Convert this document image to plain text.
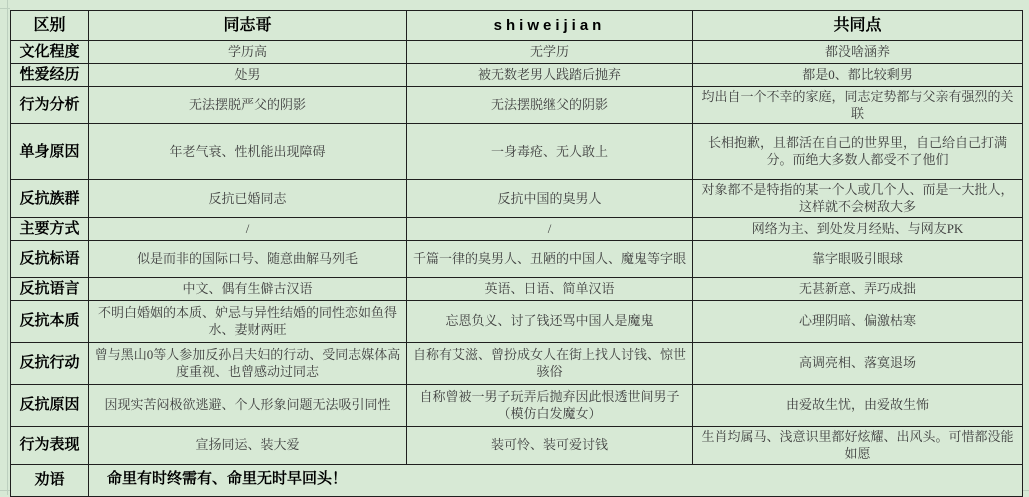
区别	同志哥	shiweijian	共同点
文化程度	学历高	无学历	都没啥涵养
性爱经历	处男	被无数老男人践踏后抛弃	都是0、都比较剩男
行为分析	无法摆脱严父的阴影	无法摆脱继父的阴影	均出自一个不幸的家庭，同志定势都与父亲有强烈的关联
单身原因	年老气衰、性机能出现障碍	一身毒疮、无人敢上	长相抱歉，且都活在自己的世界里，自己给自己打满分。而绝大多数人都受不了他们
反抗族群	反抗已婚同志	反抗中国的臭男人	对象都不是特指的某一个人或几个人、而是一大批人，这样就不会树敌大多
主要方式	/	/	网络为主、到处发月经贴、与网友PK
反抗标语	似是而非的国际口号、随意曲解马列毛	千篇一律的臭男人、丑陋的中国人、魔鬼等字眼	靠字眼吸引眼球
反抗语言	中文、偶有生僻古汉语	英语、日语、简单汉语	无甚新意、弄巧成拙
反抗本质	不明白婚姻的本质、妒忌与异性结婚的同性恋如鱼得水、妻财两旺	忘恩负义、讨了钱还骂中国人是魔鬼	心理阴暗、偏激枯寒
反抗行动	曾与黑山0等人参加反孙吕夫妇的行动、受同志媒体高度重视、也曾感动过同志	自称有艾滋、曾扮成女人在街上找人讨钱、惊世骇俗	高调亮相、落寞退场
反抗原因	因现实苦闷极欲逃避、个人形象问题无法吸引同性	自称曾被一男子玩弄后抛弃因此恨透世间男子（模仿白发魔女）	由爱故生忧，由爱故生怖
行为表现	宣扬同运、装大爱	装可怜、装可爱讨钱	生肖均属马、浅意识里都好炫耀、出风头。可惜都没能如愿
劝语	命里有时终需有、命里无时早回头！		
